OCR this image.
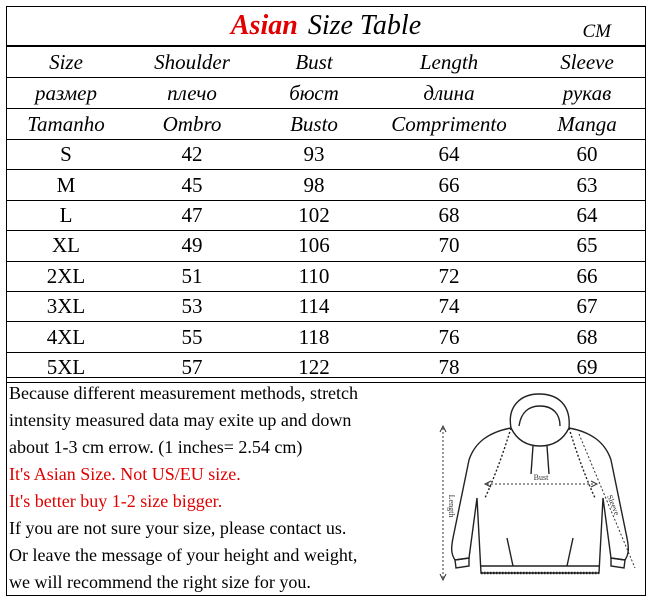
Asian Size Table	CM
Size	Shoulder	Bust	Length	Sleeve
размер	плечо	бюст	длина	рукав
Tamanho	Ombro	Busto	Comprimento	Manga
S	42	93	64	60
M	45	98	66	63
L	47	102	68	64
XL	49	106	70	65
2XL	51	110	72	66
3XL	53	114	74	67
4XL	55	118	76	68
5XL	57	122	78	69
Because different measurement methods, stretch
intensity measured data may exite up and down
about 1-3 cm errow. (1 inches= 2.54 cm)
It's Asian Size. Not US/EU size.
It's better buy 1-2 size bigger.
If you are not sure your size, please contact us.
Or leave the message of your height and weight,
we will recommend the right size for you.
Length
Bust
Sleeve
